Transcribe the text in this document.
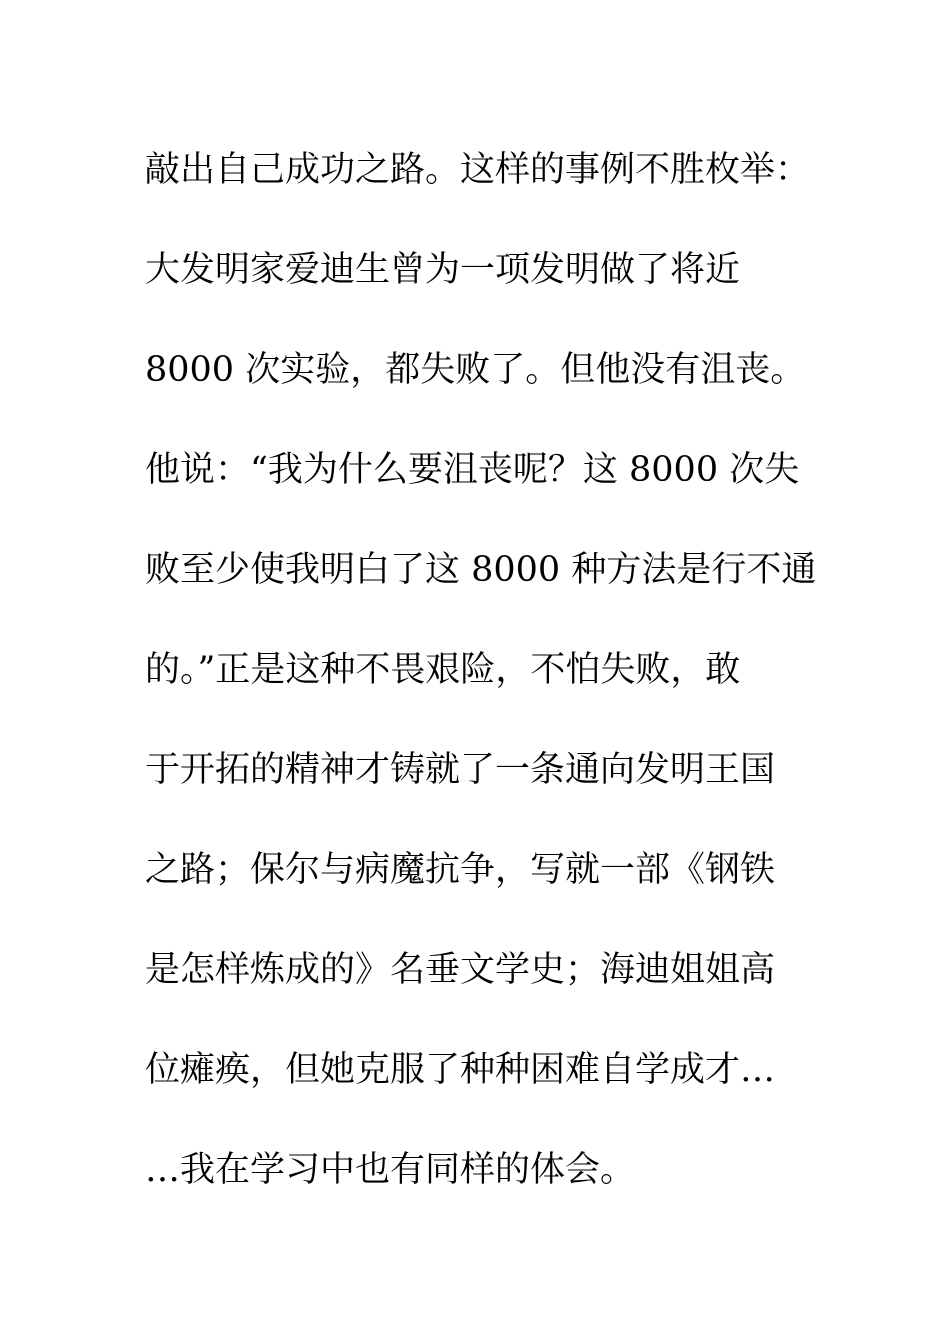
敲出自己成功之路。这样的事例不胜枚举：
大发明家爱迪生曾为一项发明做了将近
8000 次实验，都失败了。但他没有沮丧。
他说：“我为什么要沮丧呢？这 8000 次失
败至少使我明白了这 8000 种方法是行不通
的。”正是这种不畏艰险，不怕失败，敢
于开拓的精神才铸就了一条通向发明王国
之路；保尔与病魔抗争，写就一部《钢铁
是怎样炼成的》名垂文学史；海迪姐姐高
位瘫痪，但她克服了种种困难自学成才…
…我在学习中也有同样的体会。
